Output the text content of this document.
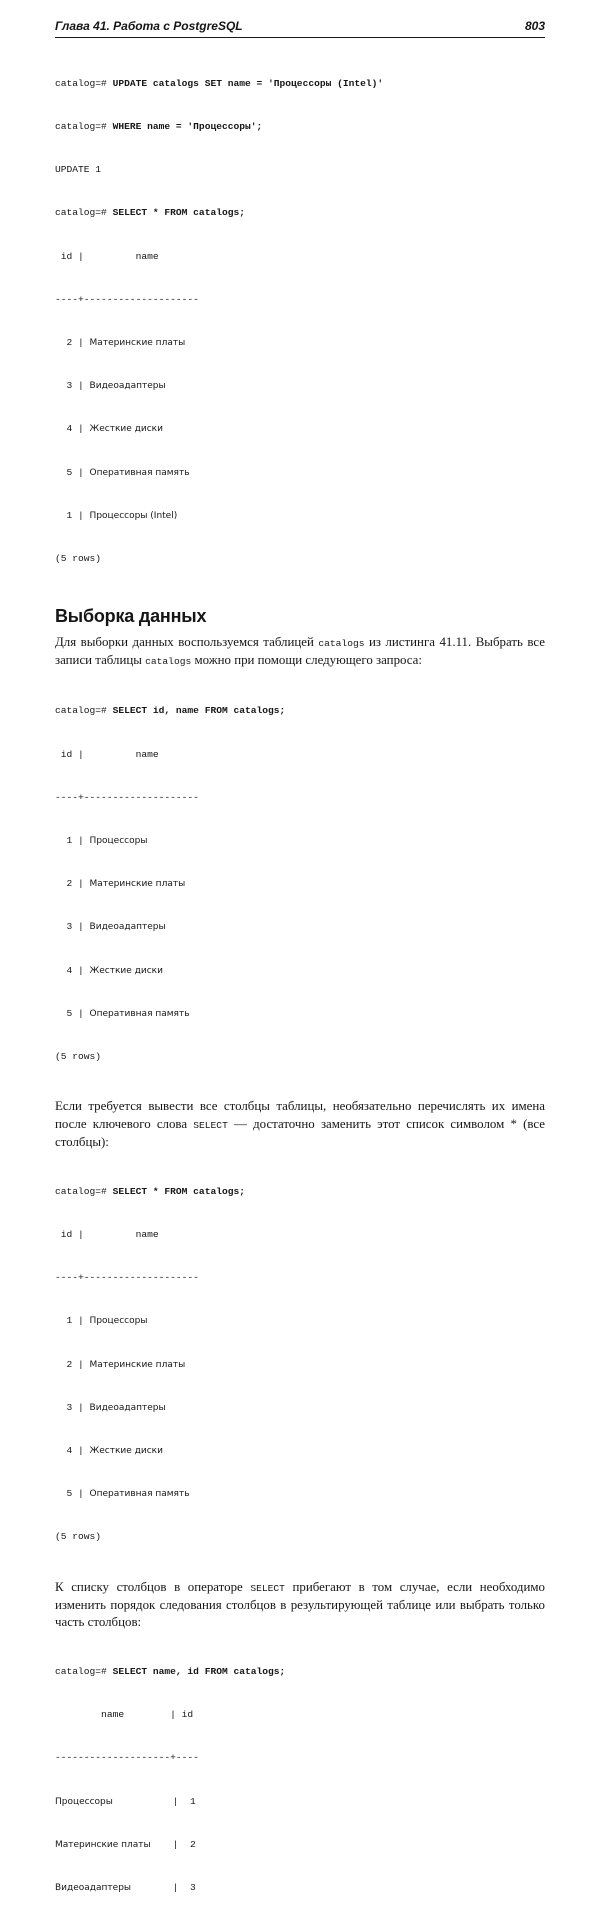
Глава 41. Работа с PostgreSQL	803

catalog=# UPDATE catalogs SET name = 'Процессоры (Intel)'

catalog=# WHERE name = 'Процессоры';

UPDATE 1

catalog=# SELECT * FROM catalogs;

id |         name

----+--------------------

2 | Материнские платы

3 | Видеоадаптеры

4 | Жесткие диски

5 | Оперативная память

1 | Процессоры (Intel)

(5 rows)

Выборка данных

Для выборки данных воспользуемся таблицей catalogs из листинга 41.11. Выбрать все записи таблицы catalogs можно при помощи следующего запроса:

catalog=# SELECT id, name FROM catalogs;

id |         name

----+--------------------

1 | Процессоры

2 | Материнские платы

3 | Видеоадаптеры

4 | Жесткие диски

5 | Оперативная память

(5 rows)

Если требуется вывести все столбцы таблицы, необязательно перечислять их имена после ключевого слова SELECT — достаточно заменить этот список символом * (все столбцы):

catalog=# SELECT * FROM catalogs;

id |         name

----+--------------------

1 | Процессоры

2 | Материнские платы

3 | Видеоадаптеры

4 | Жесткие диски

5 | Оперативная память

(5 rows)

К списку столбцов в операторе SELECT прибегают в том случае, если необходимо изменить порядок следования столбцов в результирующей таблице или выбрать только часть столбцов:

catalog=# SELECT name, id FROM catalogs;

name        | id

--------------------+----

Процессоры	|  1

Материнские платы |  2

Видеоадаптеры	|  3
